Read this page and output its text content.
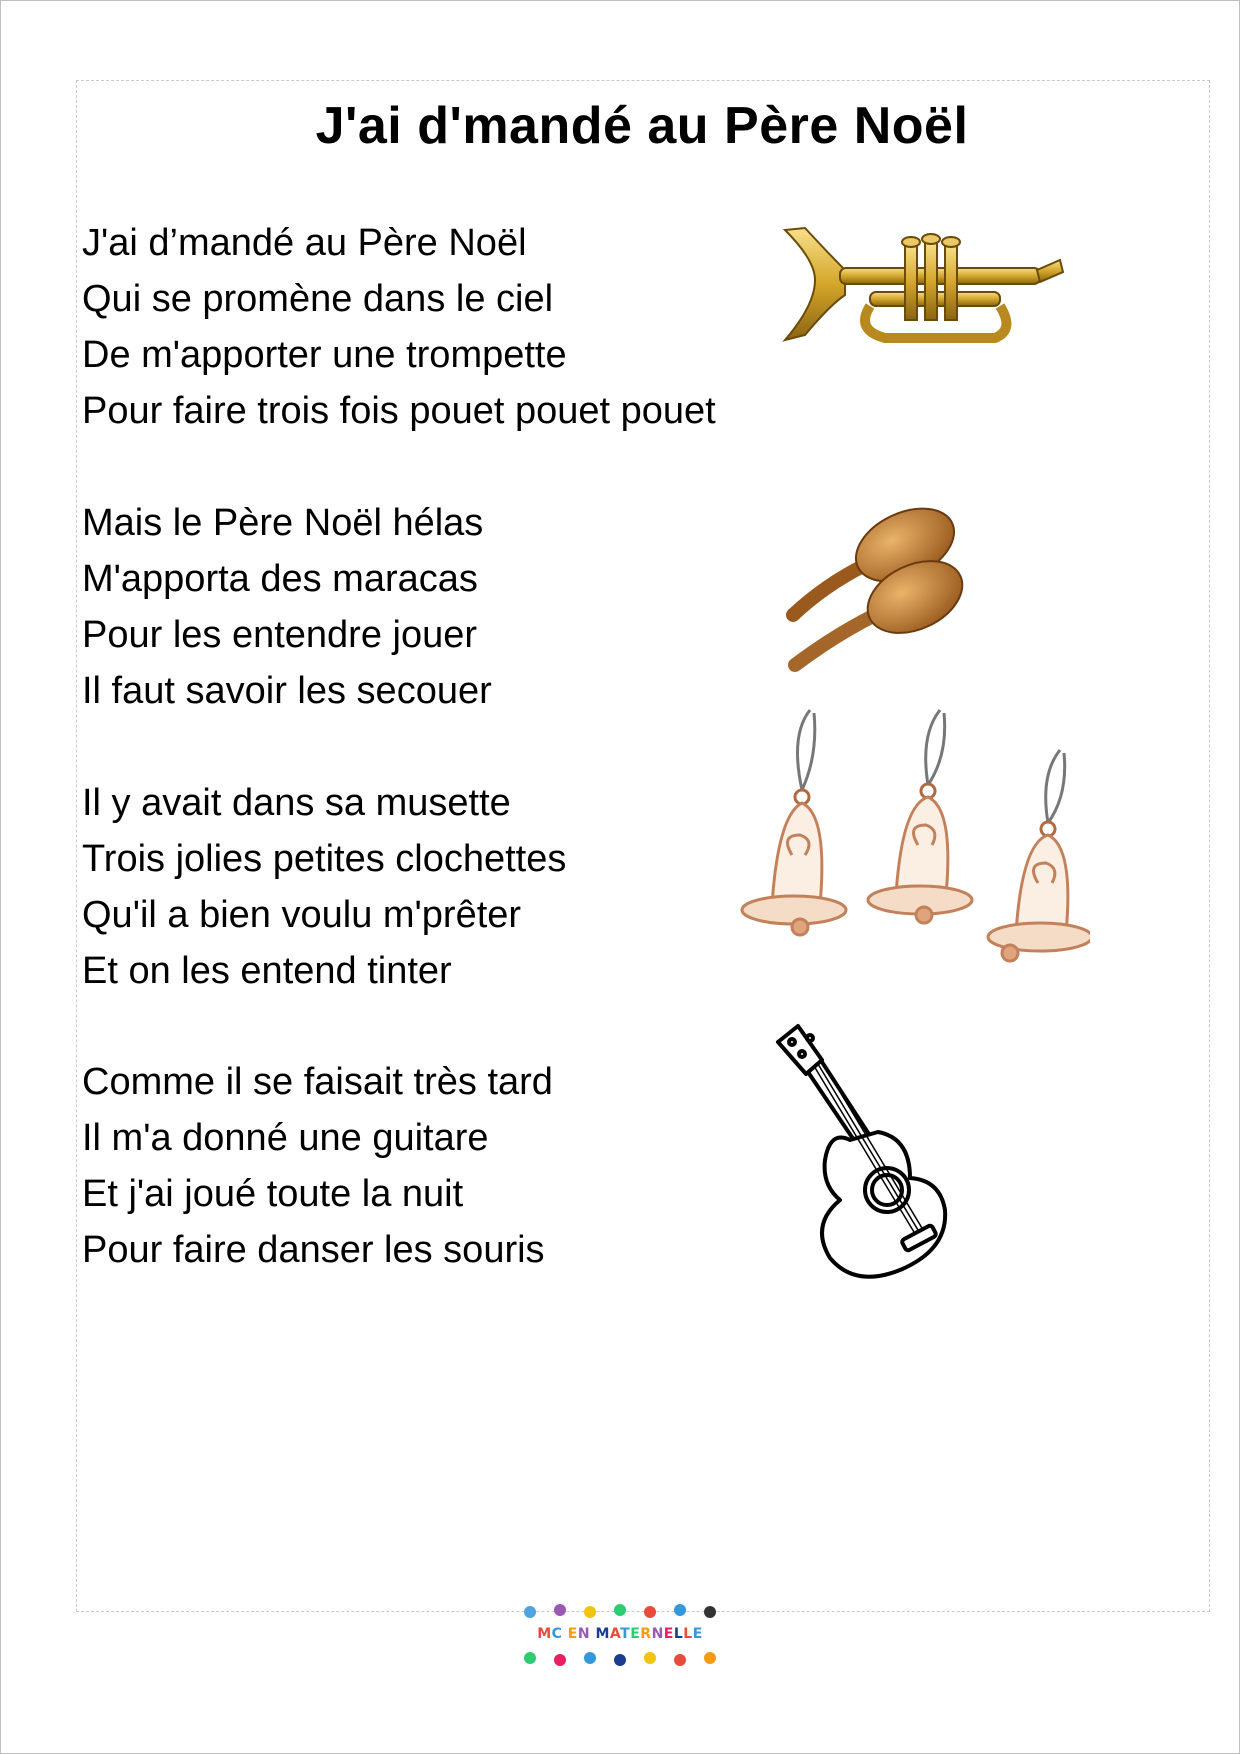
J'ai d'mandé au Père Noël
J'ai d’mandé au Père Noël
Qui se promène dans le ciel
De m'apporter une trompette
Pour faire trois fois pouet pouet pouet
Mais le Père Noël hélas
M'apporta des maracas
Pour les entendre jouer
Il faut savoir les secouer
Il y avait dans sa musette
Trois jolies petites clochettes
Qu'il a bien voulu m'prêter
Et on les entend tinter
Comme il se faisait très tard
Il m'a donné une guitare
Et j'ai joué toute la nuit
Pour faire danser les souris
MC EN MATERNELLE
